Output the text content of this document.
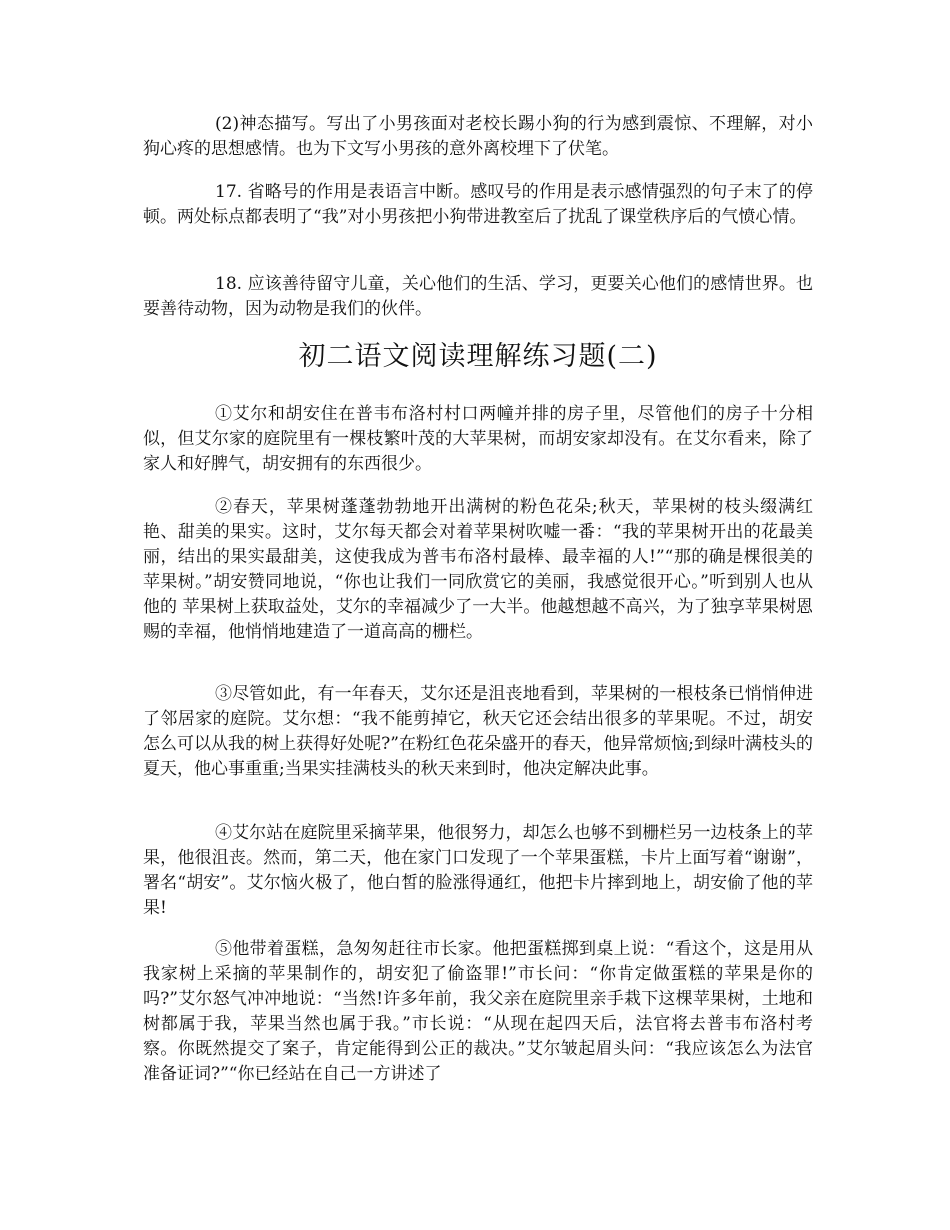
(2)神态描写。写出了小男孩面对老校长踢小狗的行为感到震惊、不理解，对小狗心疼的思想感情。也为下文写小男孩的意外离校埋下了伏笔。

17. 省略号的作用是表语言中断。感叹号的作用是表示感情强烈的句子末了的停顿。两处标点都表明了“我”对小男孩把小狗带进教室后了扰乱了课堂秩序后的气愤心情。

18. 应该善待留守儿童，关心他们的生活、学习，更要关心他们的感情世界。也要善待动物，因为动物是我们的伙伴。

初二语文阅读理解练习题(二)

①艾尔和胡安住在普韦布洛村村口两幢并排的房子里，尽管他们的房子十分相似，但艾尔家的庭院里有一棵枝繁叶茂的大苹果树，而胡安家却没有。在艾尔看来，除了家人和好脾气，胡安拥有的东西很少。

②春天，苹果树蓬蓬勃勃地开出满树的粉色花朵;秋天，苹果树的枝头缀满红艳、甜美的果实。这时，艾尔每天都会对着苹果树吹嘘一番：“我的苹果树开出的花最美丽，结出的果实最甜美，这使我成为普韦布洛村最棒、最幸福的人!”“那的确是棵很美的苹果树。”胡安赞同地说，“你也让我们一同欣赏它的美丽，我感觉很开心。”听到别人也从他的 苹果树上获取益处，艾尔的幸福减少了一大半。他越想越不高兴，为了独享苹果树恩赐的幸福，他悄悄地建造了一道高高的栅栏。

③尽管如此，有一年春天，艾尔还是沮丧地看到，苹果树的一根枝条已悄悄伸进了邻居家的庭院。艾尔想：“我不能剪掉它，秋天它还会结出很多的苹果呢。不过，胡安怎么可以从我的树上获得好处呢?”在粉红色花朵盛开的春天，他异常烦恼;到绿叶满枝头的夏天，他心事重重;当果实挂满枝头的秋天来到时，他决定解决此事。

④艾尔站在庭院里采摘苹果，他很努力，却怎么也够不到栅栏另一边枝条上的苹果，他很沮丧。然而，第二天，他在家门口发现了一个苹果蛋糕，卡片上面写着“谢谢”，署名“胡安”。艾尔恼火极了，他白皙的脸涨得通红，他把卡片摔到地上，胡安偷了他的苹果!

⑤他带着蛋糕，急匆匆赶往市长家。他把蛋糕掷到桌上说：“看这个，这是用从我家树上采摘的苹果制作的，胡安犯了偷盗罪!”市长问：“你肯定做蛋糕的苹果是你的吗?”艾尔怒气冲冲地说：“当然!许多年前，我父亲在庭院里亲手栽下这棵苹果树，土地和树都属于我，苹果当然也属于我。”市长说：“从现在起四天后，法官将去普韦布洛村考察。你既然提交了案子，肯定能得到公正的裁决。”艾尔皱起眉头问：“我应该怎么为法官准备证词?”“你已经站在自己一方讲述了
